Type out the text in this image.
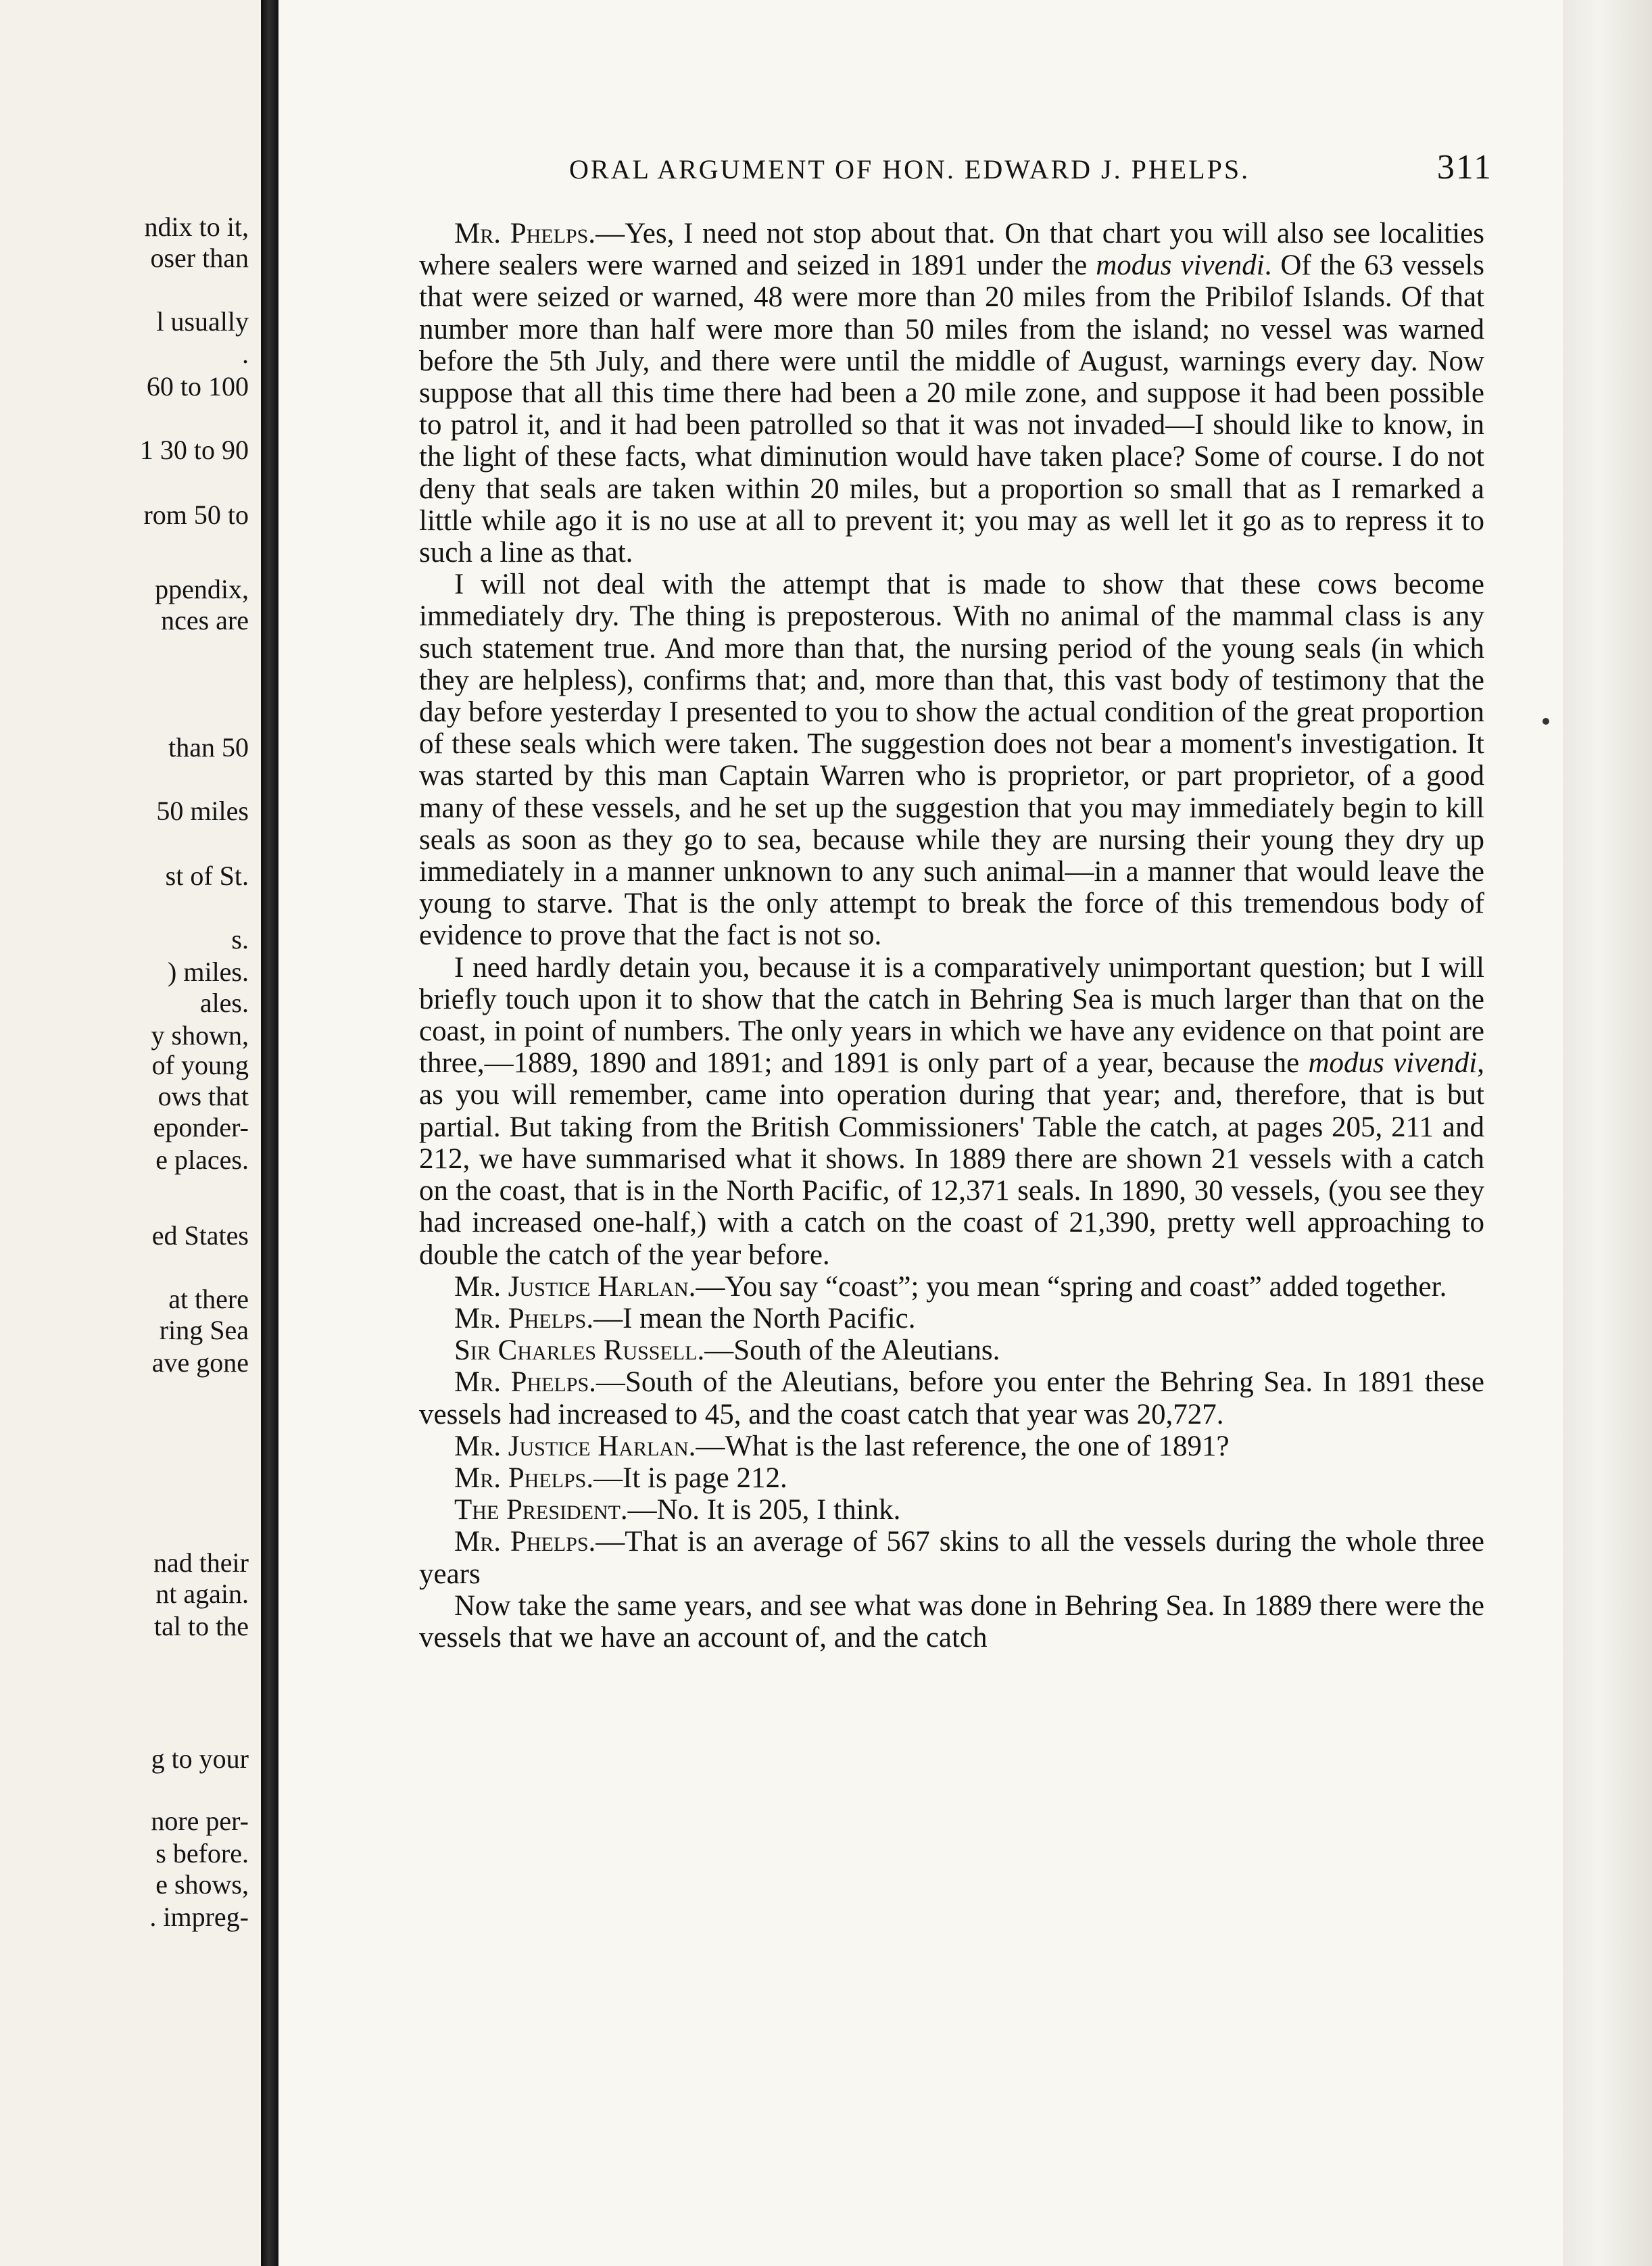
ndix to it,
oser than
l usually
.
60 to 100
1 30 to 90
rom 50 to
ppendix,
nces are
than 50
50 miles
st of St.
s.
) miles.
ales.
y shown,
of young
ows that
eponder-
e places.
ed States
at there
ring Sea
ave gone
nad their
nt again.
tal to the
g to your
nore per-
s before.
e shows,
. impreg-
ORAL ARGUMENT OF HON. EDWARD J. PHELPS.	311

Mr. Phelps.—Yes, I need not stop about that. On that chart you will also see localities where sealers were warned and seized in 1891 under the modus vivendi. Of the 63 vessels that were seized or warned, 48 were more than 20 miles from the Pribilof Islands. Of that number more than half were more than 50 miles from the island; no vessel was warned before the 5th July, and there were until the middle of August, warnings every day. Now suppose that all this time there had been a 20 mile zone, and suppose it had been possible to patrol it, and it had been patrolled so that it was not invaded—I should like to know, in the light of these facts, what diminution would have taken place? Some of course. I do not deny that seals are taken within 20 miles, but a proportion so small that as I remarked a little while ago it is no use at all to prevent it; you may as well let it go as to repress it to such a line as that.

I will not deal with the attempt that is made to show that these cows become immediately dry. The thing is preposterous. With no animal of the mammal class is any such statement true. And more than that, the nursing period of the young seals (in which they are helpless), confirms that; and, more than that, this vast body of testimony that the day before yesterday I presented to you to show the actual condition of the great proportion of these seals which were taken. The suggestion does not bear a moment's investigation. It was started by this man Captain Warren who is proprietor, or part proprietor, of a good many of these vessels, and he set up the suggestion that you may immediately begin to kill seals as soon as they go to sea, because while they are nursing their young they dry up immediately in a manner unknown to any such animal—in a manner that would leave the young to starve. That is the only attempt to break the force of this tremendous body of evidence to prove that the fact is not so.

I need hardly detain you, because it is a comparatively unimportant question; but I will briefly touch upon it to show that the catch in Behring Sea is much larger than that on the coast, in point of numbers. The only years in which we have any evidence on that point are three,—1889, 1890 and 1891; and 1891 is only part of a year, because the modus vivendi, as you will remember, came into operation during that year; and, therefore, that is but partial. But taking from the British Commissioners' Table the catch, at pages 205, 211 and 212, we have summarised what it shows. In 1889 there are shown 21 vessels with a catch on the coast, that is in the North Pacific, of 12,371 seals. In 1890, 30 vessels, (you see they had increased one-half,) with a catch on the coast of 21,390, pretty well approaching to double the catch of the year before.

Mr. Justice Harlan.—You say “coast”; you mean “spring and coast” added together.

Mr. Phelps.—I mean the North Pacific.

Sir Charles Russell.—South of the Aleutians.

Mr. Phelps.—South of the Aleutians, before you enter the Behring Sea. In 1891 these vessels had increased to 45, and the coast catch that year was 20,727.

Mr. Justice Harlan.—What is the last reference, the one of 1891?

Mr. Phelps.—It is page 212.

The President.—No. It is 205, I think.

Mr. Phelps.—That is an average of 567 skins to all the vessels during the whole three years

Now take the same years, and see what was done in Behring Sea. In 1889 there were the vessels that we have an account of, and the catch
